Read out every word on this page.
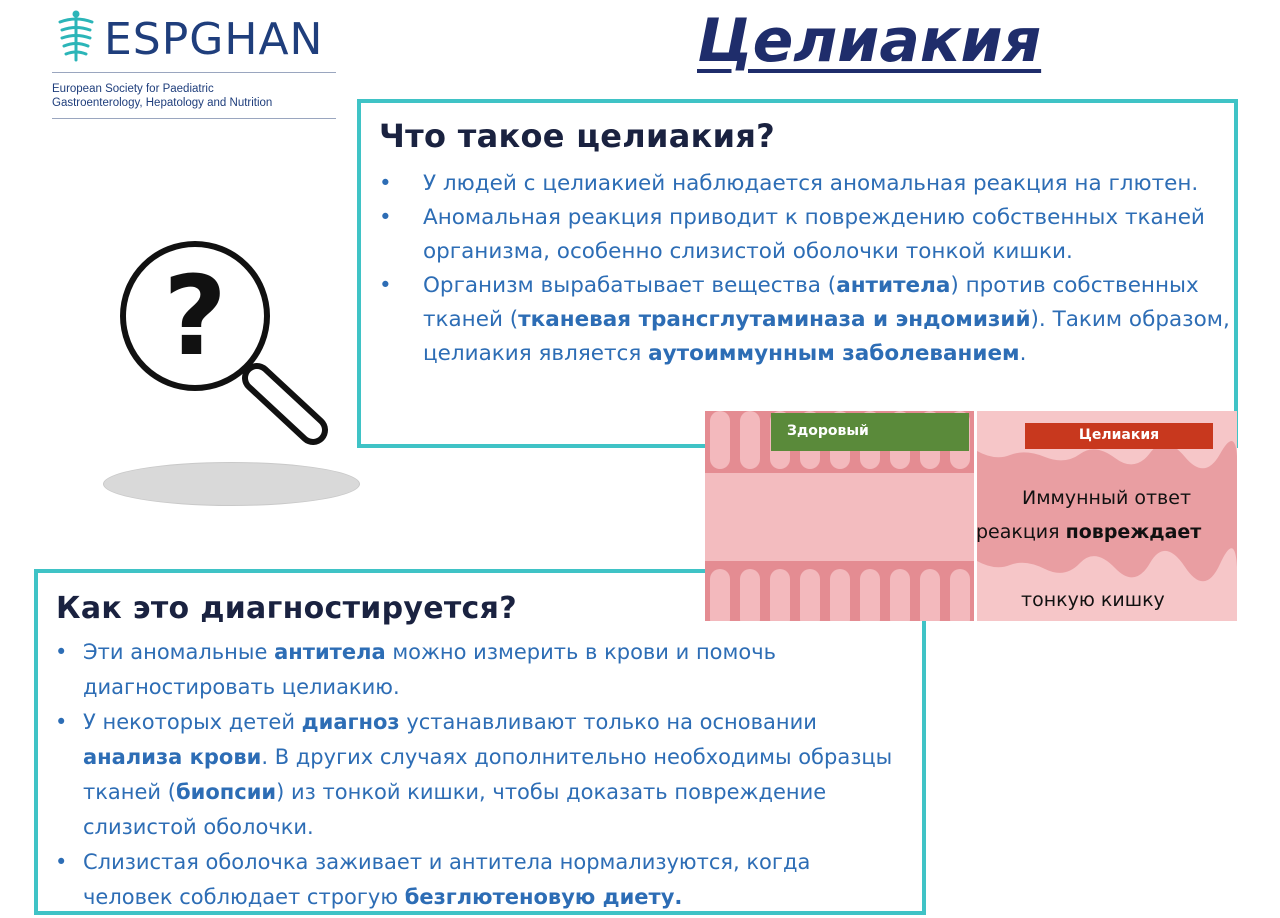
ESPGHAN
European Society for Paediatric
Gastroenterology, Hepatology and Nutrition
Целиакия
?
Что такое целиакия?
• У людей с целиакией наблюдается аномальная реакция на глютен.
• Аномальная реакция приводит к повреждению собственных тканей организма, особенно слизистой оболочки тонкой кишки.
• Организм вырабатывает вещества (антитела) против собственных тканей (тканевая трансглутаминаза и эндомизий). Таким образом, целиакия является аутоиммунным заболеванием.
Как это диагностируется?
• Эти аномальные антитела можно измерить в крови и помочь диагностировать целиакию.
• У некоторых детей диагноз устанавливают только на основании анализа крови. В других случаях дополнительно необходимы образцы тканей (биопсии) из тонкой кишки, чтобы доказать повреждение слизистой оболочки.
• Слизистая оболочка заживает и антитела нормализуются, когда человек соблюдает строгую безглютеновую диету.
Здоровый	Целиакия
Иммунный ответ
реакция повреждает
тонкую кишку
